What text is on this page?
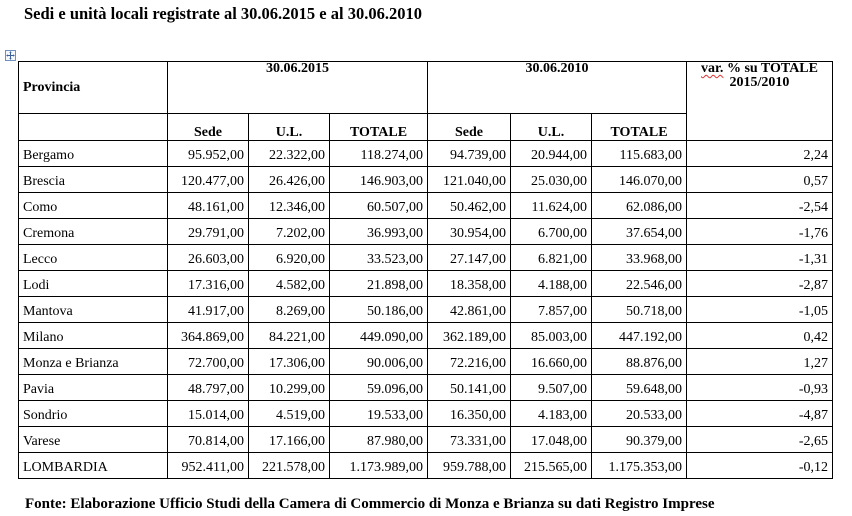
Sedi e unità locali registrate al 30.06.2015 e al 30.06.2010
Provincia	30.06.2015			30.06.2010			var. % su TOTALE
2015/2010

	Sede	U.L.	TOTALE	Sede	U.L.	TOTALE	
Bergamo	95.952,00	22.322,00	118.274,00	94.739,00	20.944,00	115.683,00	2,24
Brescia	120.477,00	26.426,00	146.903,00	121.040,00	25.030,00	146.070,00	0,57
Como	48.161,00	12.346,00	60.507,00	50.462,00	11.624,00	62.086,00	-2,54
Cremona	29.791,00	7.202,00	36.993,00	30.954,00	6.700,00	37.654,00	-1,76
Lecco	26.603,00	6.920,00	33.523,00	27.147,00	6.821,00	33.968,00	-1,31
Lodi	17.316,00	4.582,00	21.898,00	18.358,00	4.188,00	22.546,00	-2,87
Mantova	41.917,00	8.269,00	50.186,00	42.861,00	7.857,00	50.718,00	-1,05
Milano	364.869,00	84.221,00	449.090,00	362.189,00	85.003,00	447.192,00	0,42
Monza e Brianza	72.700,00	17.306,00	90.006,00	72.216,00	16.660,00	88.876,00	1,27
Pavia	48.797,00	10.299,00	59.096,00	50.141,00	9.507,00	59.648,00	-0,93
Sondrio	15.014,00	4.519,00	19.533,00	16.350,00	4.183,00	20.533,00	-4,87
Varese	70.814,00	17.166,00	87.980,00	73.331,00	17.048,00	90.379,00	-2,65
LOMBARDIA	952.411,00	221.578,00	1.173.989,00	959.788,00	215.565,00	1.175.353,00	-0,12
Fonte: Elaborazione Ufficio Studi della Camera di Commercio di Monza e Brianza su dati Registro Imprese
